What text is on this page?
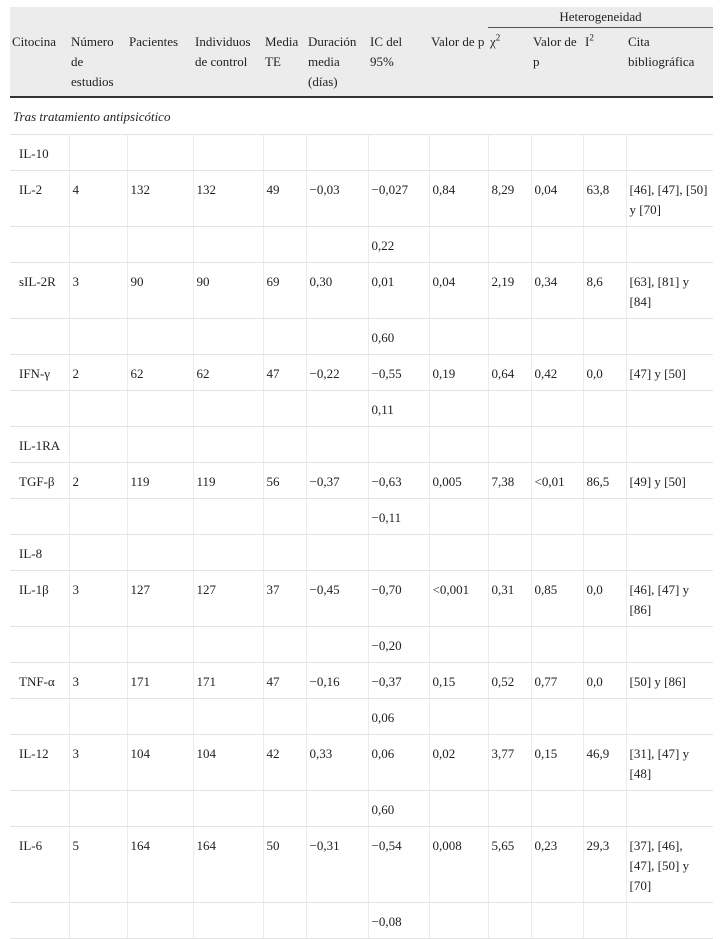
								Heterogeneidad			
Citocina	Número de estudios	Pacientes	Individuos de control	Media TE	Duración media (días)	IC del 95%	Valor de p	$\chi^2$	Valor de p	$I^2$	Cita bibliográfica
Tras tratamiento antipsicótico											
IL-10											
IL-2	4	132	132	49	−0,03	−0,027	0,84	8,29	0,04	63,8	[46], [47], [50] y [70]
						0,22					
sIL-2R	3	90	90	69	0,30	0,01	0,04	2,19	0,34	8,6	[63], [81] y [84]
						0,60					
IFN-γ	2	62	62	47	−0,22	−0,55	0,19	0,64	0,42	0,0	[47] y [50]
						0,11					
IL-1RA											
TGF-β	2	119	119	56	−0,37	−0,63	0,005	7,38	<0,01	86,5	[49] y [50]
						−0,11					
IL-8											
IL-1β	3	127	127	37	−0,45	−0,70	<0,001	0,31	0,85	0,0	[46], [47] y [86]
						−0,20					
TNF-α	3	171	171	47	−0,16	−0,37	0,15	0,52	0,77	0,0	[50] y [86]
						0,06					
IL-12	3	104	104	42	0,33	0,06	0,02	3,77	0,15	46,9	[31], [47] y [48]
						0,60					
IL-6	5	164	164	50	−0,31	−0,54	0,008	5,65	0,23	29,3	[37], [46], [47], [50] y [70]
						−0,08					
